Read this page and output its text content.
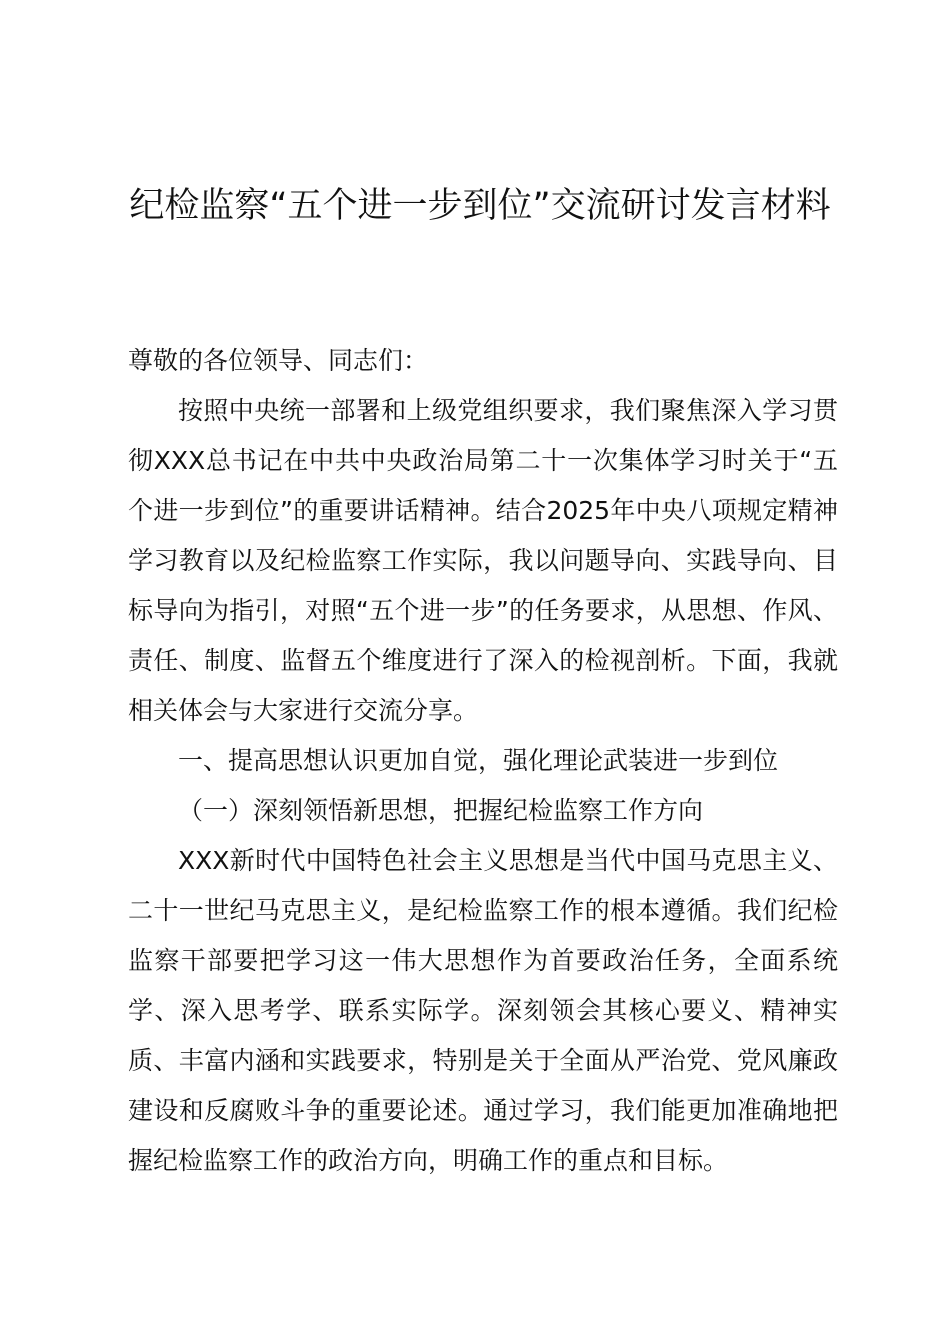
纪检监察“五个进一步到位”交流研讨发言材料

尊敬的各位领导、同志们：

按照中央统一部署和上级党组织要求，我们聚焦深入学习贯彻XXX总书记在中共中央政治局第二十一次集体学习时关于“五个进一步到位”的重要讲话精神。结合2025年中央八项规定精神学习教育以及纪检监察工作实际，我以问题导向、实践导向、目标导向为指引，对照“五个进一步”的任务要求，从思想、作风、责任、制度、监督五个维度进行了深入的检视剖析。下面，我就相关体会与大家进行交流分享。

一、提高思想认识更加自觉，强化理论武装进一步到位

（一）深刻领悟新思想，把握纪检监察工作方向

XXX新时代中国特色社会主义思想是当代中国马克思主义、二十一世纪马克思主义，是纪检监察工作的根本遵循。我们纪检监察干部要把学习这一伟大思想作为首要政治任务，全面系统学、深入思考学、联系实际学。深刻领会其核心要义、精神实质、丰富内涵和实践要求，特别是关于全面从严治党、党风廉政建设和反腐败斗争的重要论述。通过学习，我们能更加准确地把握纪检监察工作的政治方向，明确工作的重点和目标。
